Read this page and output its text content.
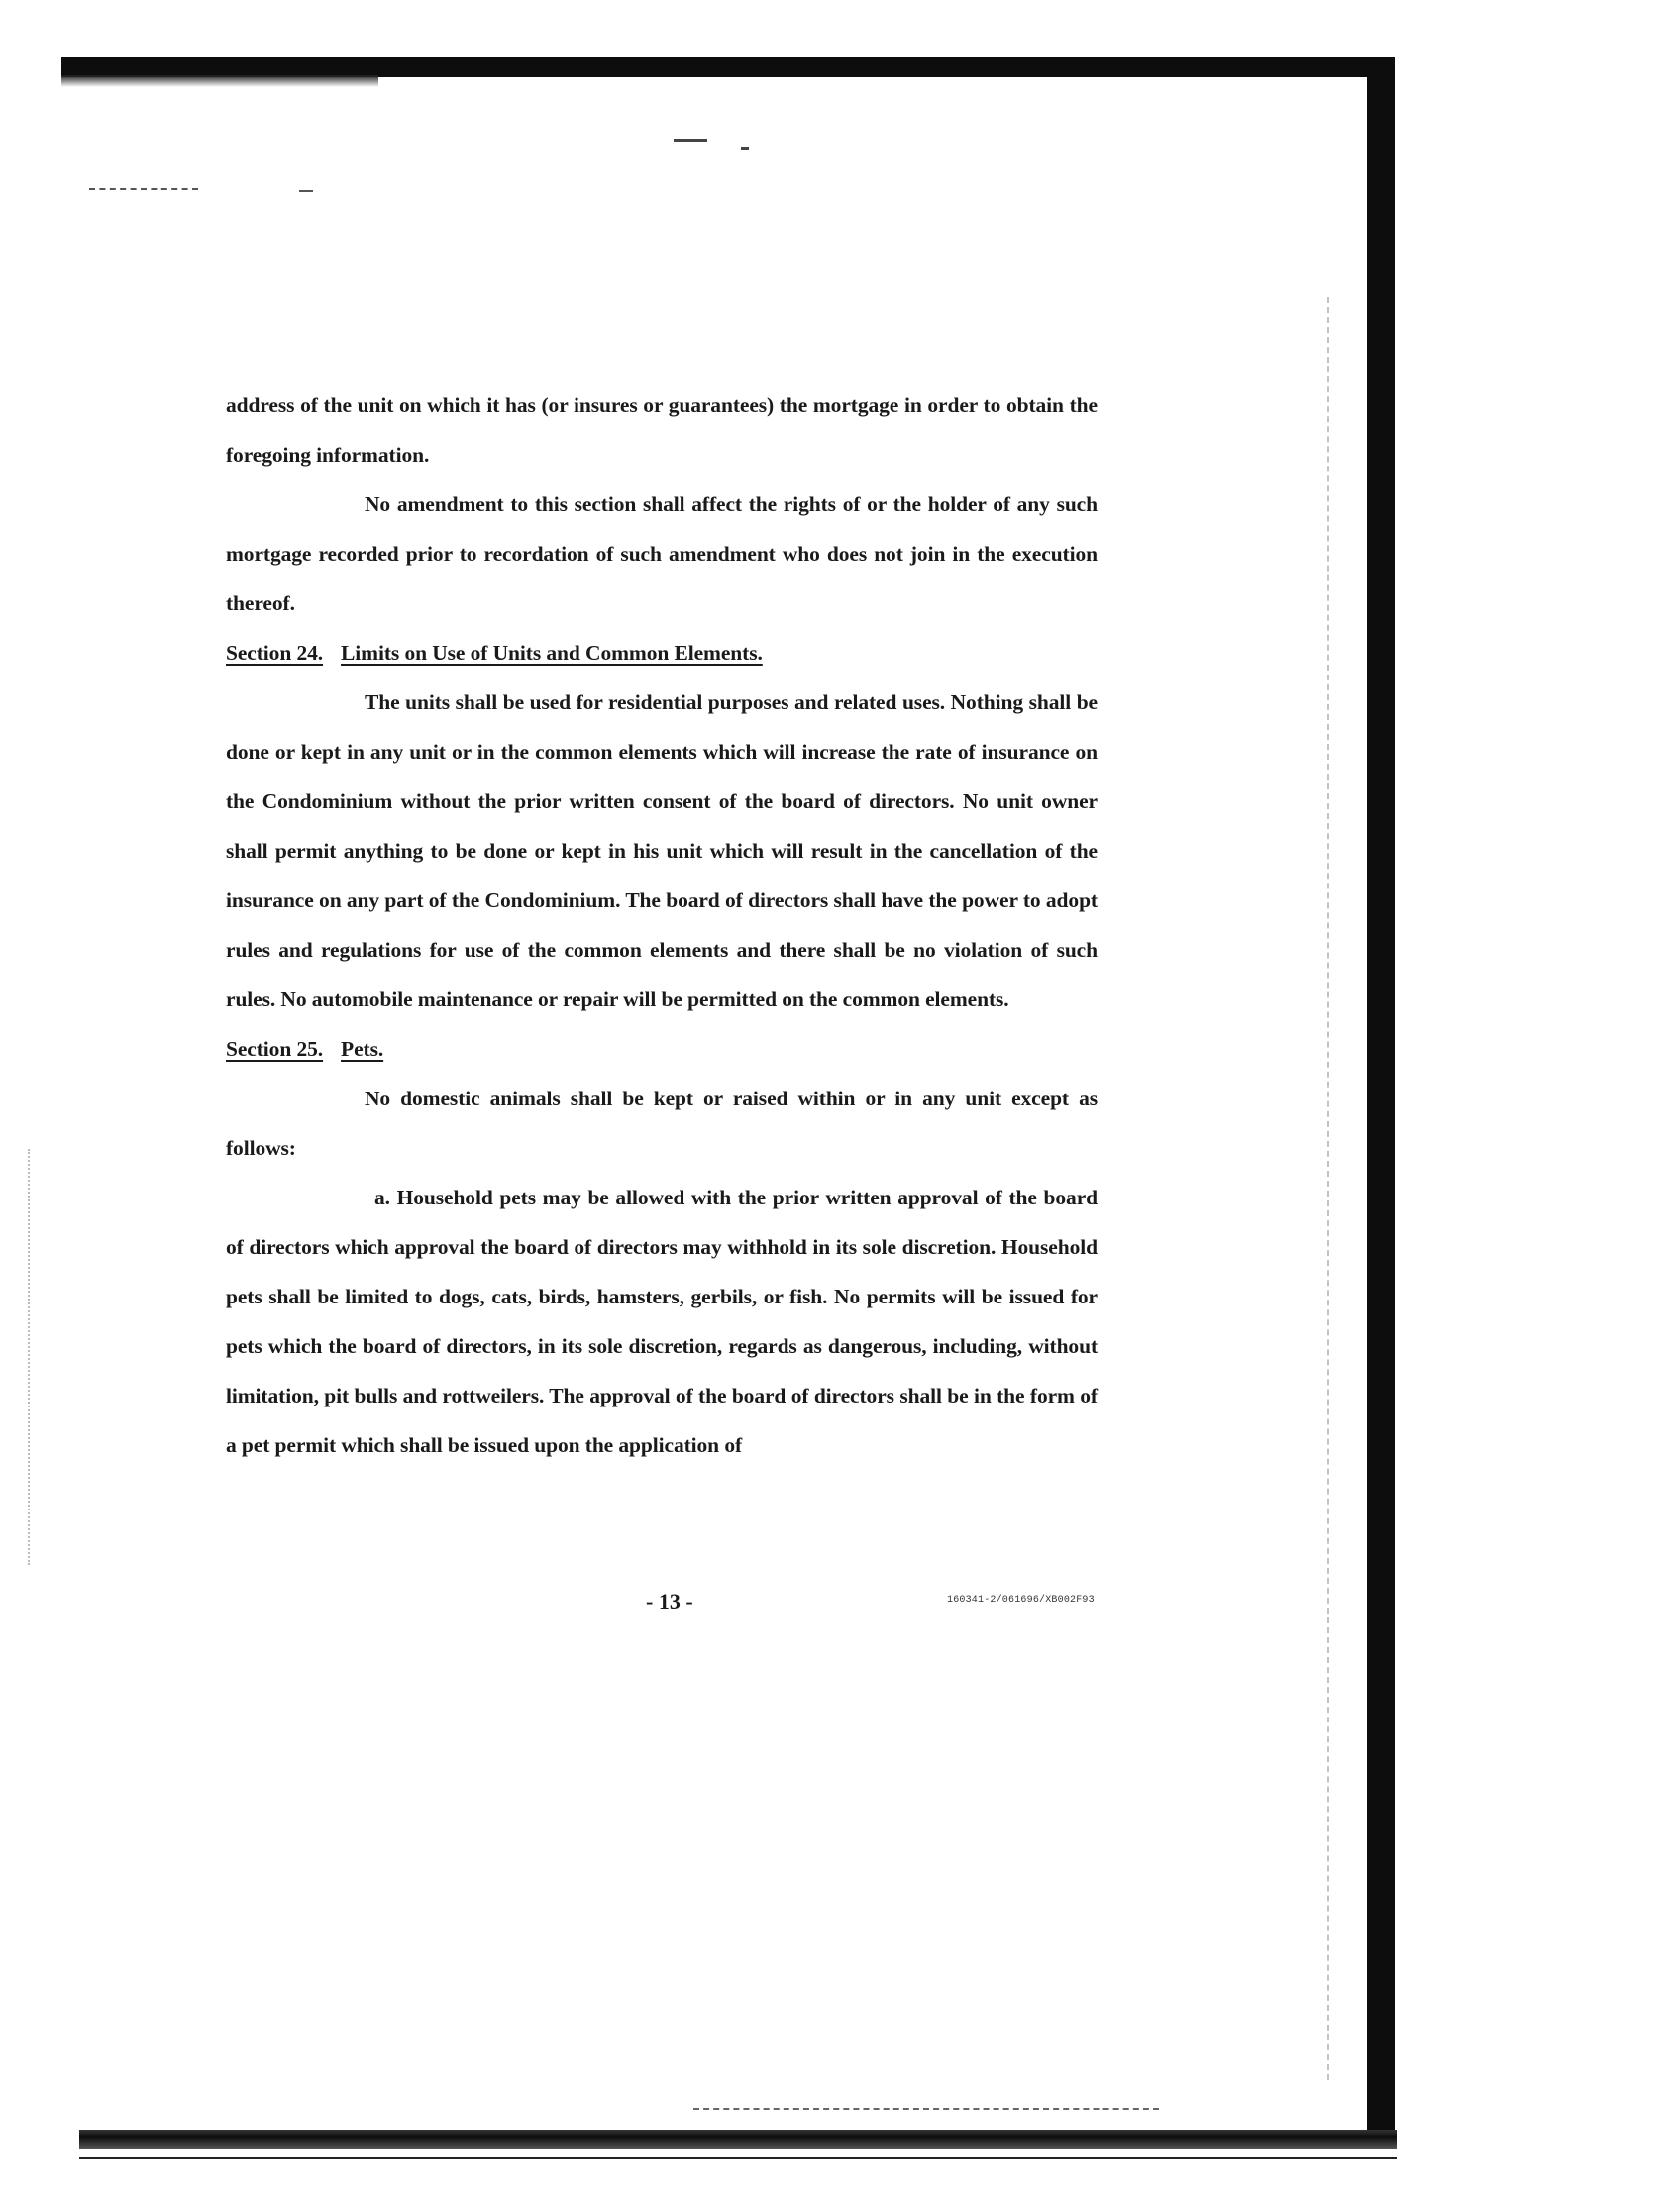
address of the unit on which it has (or insures or guarantees) the mortgage in order to obtain the foregoing information.

No amendment to this section shall affect the rights of or the holder of any such mortgage recorded prior to recordation of such amendment who does not join in the execution thereof.

Section 24. Limits on Use of Units and Common Elements.

The units shall be used for residential purposes and related uses. Nothing shall be done or kept in any unit or in the common elements which will increase the rate of insurance on the Condominium without the prior written consent of the board of directors. No unit owner shall permit anything to be done or kept in his unit which will result in the cancellation of the insurance on any part of the Condominium. The board of directors shall have the power to adopt rules and regulations for use of the common elements and there shall be no violation of such rules. No automobile maintenance or repair will be permitted on the common elements.

Section 25. Pets.

No domestic animals shall be kept or raised within or in any unit except as follows:

a. Household pets may be allowed with the prior written approval of the board of directors which approval the board of directors may withhold in its sole discretion. Household pets shall be limited to dogs, cats, birds, hamsters, gerbils, or fish. No permits will be issued for pets which the board of directors, in its sole discretion, regards as dangerous, including, without limitation, pit bulls and rottweilers. The approval of the board of directors shall be in the form of a pet permit which shall be issued upon the application of

- 13 -	160341-2/061696/XB002F93
